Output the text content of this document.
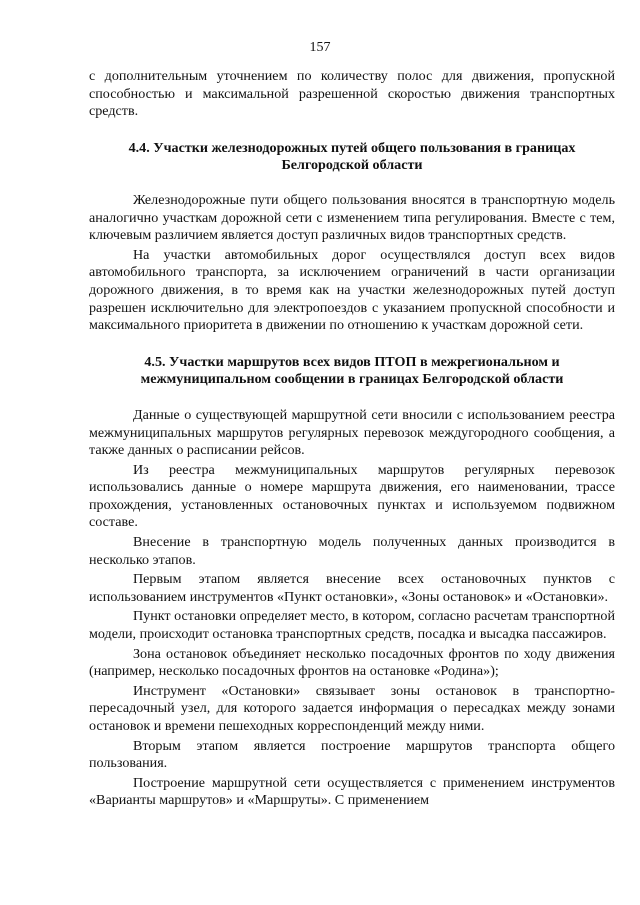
157

с дополнительным уточнением по количеству полос для движения, пропускной способностью и максимальной разрешенной скоростью движения транспортных средств.

4.4. Участки железнодорожных путей общего пользования в границах Белгородской области

Железнодорожные пути общего пользования вносятся в транспортную модель аналогично участкам дорожной сети с изменением типа регулирования. Вместе с тем, ключевым различием является доступ различных видов транспортных средств.

На участки автомобильных дорог осуществлялся доступ всех видов автомобильного транспорта, за исключением ограничений в части организации дорожного движения, в то время как на участки железнодорожных путей доступ разрешен исключительно для электропоездов с указанием пропускной способности и максимального приоритета в движении по отношению к участкам дорожной сети.

4.5. Участки маршрутов всех видов ПТОП в межрегиональном и межмуниципальном сообщении в границах Белгородской области

Данные о существующей маршрутной сети вносили с использованием реестра межмуниципальных маршрутов регулярных перевозок междугородного сообщения, а также данных о расписании рейсов.

Из реестра межмуниципальных маршрутов регулярных перевозок использовались данные о номере маршрута движения, его наименовании, трассе прохождения, установленных остановочных пунктах и используемом подвижном составе.

Внесение в транспортную модель полученных данных производится в несколько этапов.

Первым этапом является внесение всех остановочных пунктов с использованием инструментов «Пункт остановки», «Зоны остановок» и «Остановки».

Пункт остановки определяет место, в котором, согласно расчетам транспортной модели, происходит остановка транспортных средств, посадка и высадка пассажиров.

Зона остановок объединяет несколько посадочных фронтов по ходу движения (например, несколько посадочных фронтов на остановке «Родина»);

Инструмент «Остановки» связывает зоны остановок в транспортно-пересадочный узел, для которого задается информация о пересадках между зонами остановок и времени пешеходных корреспонденций между ними.

Вторым этапом является построение маршрутов транспорта общего пользования.

Построение маршрутной сети осуществляется с применением инструментов «Варианты маршрутов» и «Маршруты». С применением
